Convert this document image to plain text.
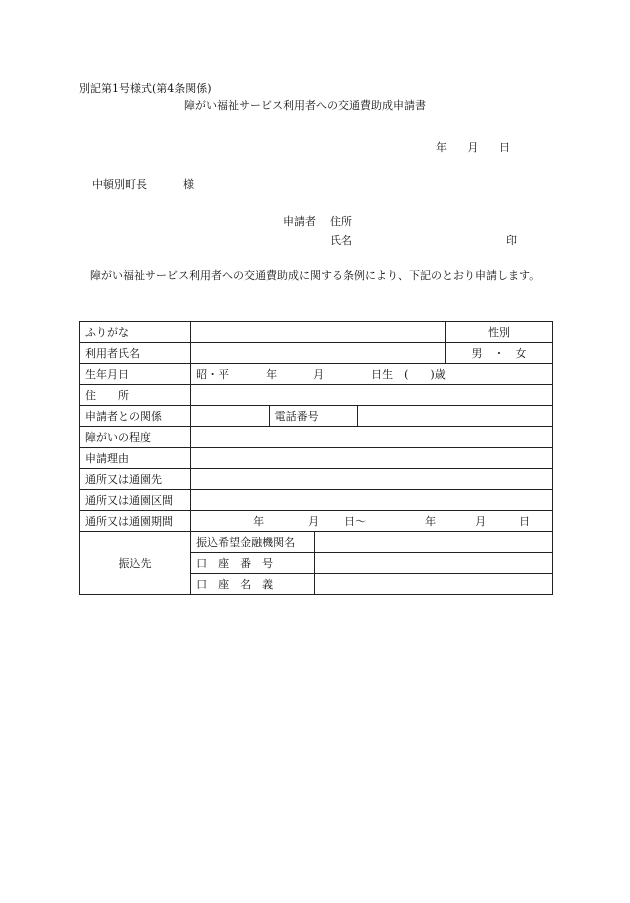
別記第1号様式(第4条関係)
障がい福祉サービス利用者への交通費助成申請書
年 月 日
中頓別町長	様
申請者 住所
氏名	印
障がい福祉サービス利用者への交通費助成に関する条例により、下記のとおり申請します。
ふりがな					性別
利用者氏名					男　・　女
生年月日	昭・平 年 月 日生　(　　)歳				
住　　所					
申請者との関係		電話番号			
障がいの程度					
申請理由					
通所又は通園先					
通所又は通園区間					
通所又は通園期間	年 月 日〜 年 月 日				
振込先	振込希望金融機関名				
	口　座　番　号				
	口　座　名　義				
